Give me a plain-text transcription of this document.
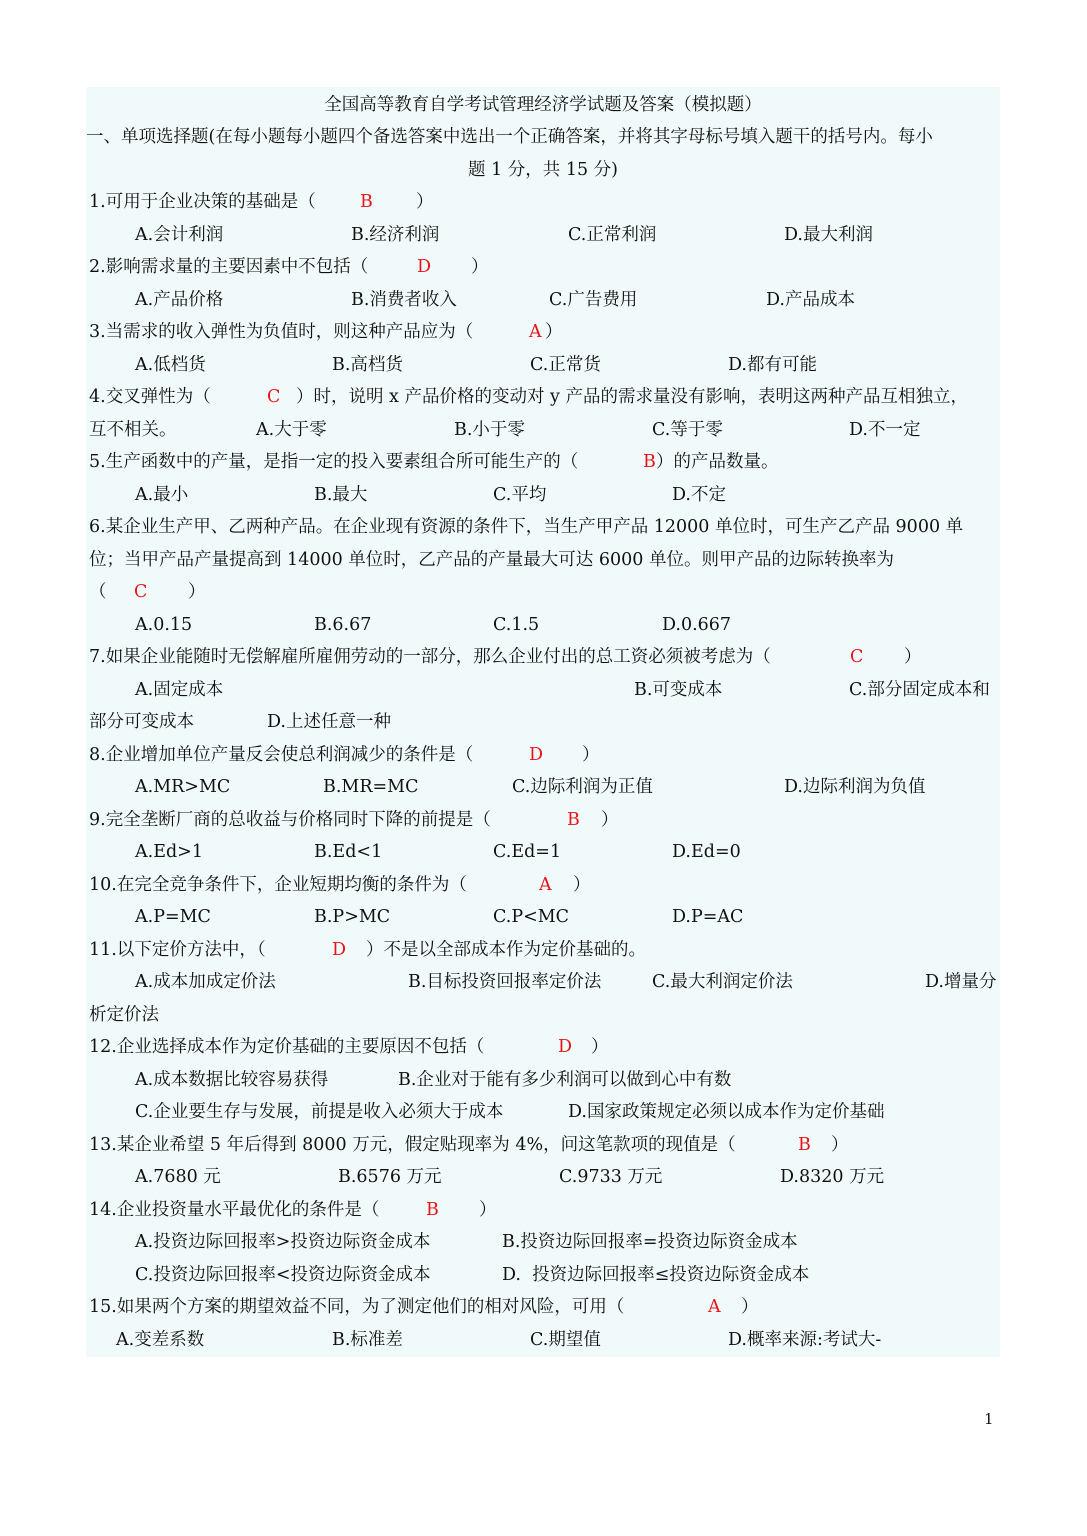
全国高等教育自学考试管理经济学试题及答案（模拟题）
一、单项选择题(在每小题每小题四个备选答案中选出一个正确答案，并将其字母标号填入题干的括号内。每小
题 1 分，共 15 分)

1.可用于企业决策的基础是（

	B

）

A.会计利润

	B.经济利润

	C.正常利润

	D.最大利润

2.影响需求量的主要因素中不包括（

	D

）

A.产品价格

	B.消费者收入

	C.广告费用

	D.产品成本

3.当需求的收入弹性为负值时，则这种产品应为（

	A

）

A.低档货

	B.高档货

	C.正常货

	D.都有可能

4.交叉弹性为（

	C

）时，说明 x 产品价格的变动对 y 产品的需求量没有影响，表明这两种产品互相独立，

互不相关。

	A.大于零

	B.小于零

	C.等于零

	D.不一定

5.生产函数中的产量，是指一定的投入要素组合所可能生产的（

	B

）的产品数量。

A.最小

	B.最大

	C.平均

	D.不定

6.某企业生产甲、乙两种产品。在企业现有资源的条件下，当生产甲产品 12000 单位时，可生产乙产品 9000 单

位；当甲产品产量提高到 14000 单位时，乙产品的产量最大可达 6000 单位。则甲产品的边际转换率为

（

C

）

A.0.15

	B.6.67

	C.1.5

	D.0.667

7.如果企业能随时无偿解雇所雇佣劳动的一部分，那么企业付出的总工资必须被考虑为（

	C

）

A.固定成本

	B.可变成本

	C.部分固定成本和

部分可变成本

	D.上述任意一种

8.企业增加单位产量反会使总利润减少的条件是（

	D

）

A.MR>MC

	B.MR=MC

	C.边际利润为正值

	D.边际利润为负值

9.完全垄断厂商的总收益与价格同时下降的前提是（

	B

）

A.Ed>1

	B.Ed<1

	C.Ed=1

	D.Ed=0

10.在完全竞争条件下，企业短期均衡的条件为（

	A

）

A.P=MC

	B.P>MC

	C.P<MC

	D.P=AC

11.以下定价方法中，（

	D

）不是以全部成本作为定价基础的。

A.成本加成定价法

	B.目标投资回报率定价法

	C.最大利润定价法

	D.增量分

析定价法

12.企业选择成本作为定价基础的主要原因不包括（

	D

）

A.成本数据比较容易获得

	B.企业对于能有多少利润可以做到心中有数

C.企业要生存与发展，前提是收入必须大于成本

	D.国家政策规定必须以成本作为定价基础

13.某企业希望 5 年后得到 8000 万元，假定贴现率为 4%，问这笔款项的现值是（

	B

）

A.7680 元

	B.6576 万元

	C.9733 万元

	D.8320 万元

14.企业投资量水平最优化的条件是（

	B

）

A.投资边际回报率>投资边际资金成本

	B.投资边际回报率=投资边际资金成本

C.投资边际回报率<投资边际资金成本

	D.  投资边际回报率≤投资边际资金成本

15.如果两个方案的期望效益不同，为了测定他们的相对风险，可用（

	A

）

A.变差系数

	B.标准差

	C.期望值

	D.概率来源:考试大-

1
